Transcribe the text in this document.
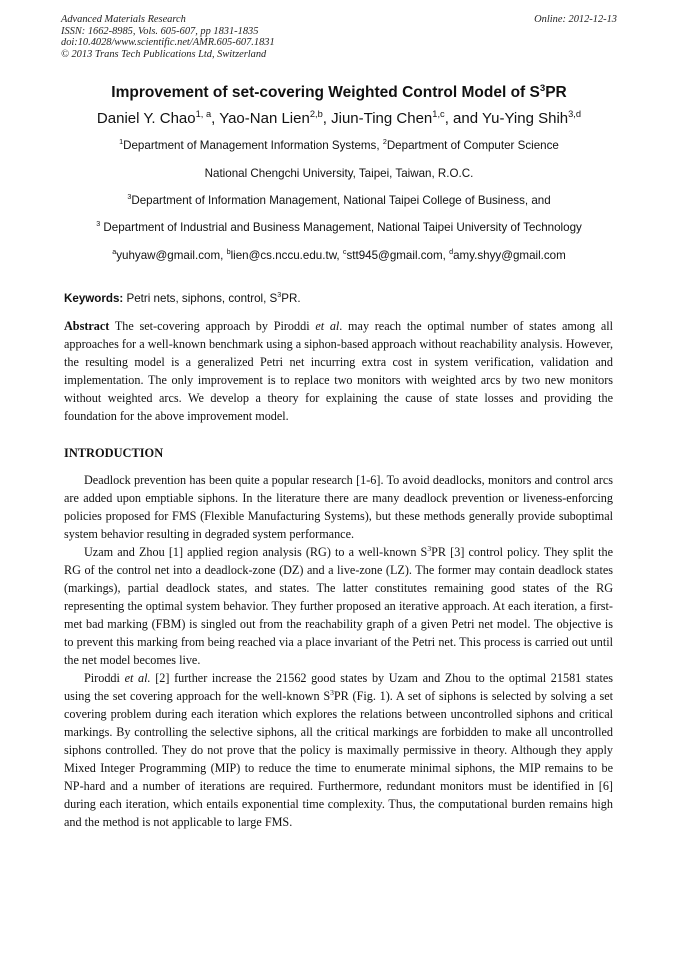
Advanced Materials Research	Online: 2012-12-13
ISSN: 1662-8985, Vols. 605-607, pp 1831-1835
doi:10.4028/www.scientific.net/AMR.605-607.1831
© 2013 Trans Tech Publications Ltd, Switzerland
Improvement of set-covering Weighted Control Model of $S^3PR$
Daniel Y. Chao$^{1, a}$, Yao-Nan Lien$^{2,b}$, Jiun-Ting Chen$^{1,c}$, and Yu-Ying Shih$^{3,d}$
$^1$Department of Management Information Systems, $^2$Department of Computer Science
National Chengchi University, Taipei, Taiwan, R.O.C.
$^3$Department of Information Management, National Taipei College of Business, and
$^3$ Department of Industrial and Business Management, National Taipei University of Technology
$^a$yuhyaw@gmail.com, $^b$lien@cs.nccu.edu.tw, $^c$stt945@gmail.com, $^d$amy.shyy@gmail.com
Keywords: Petri nets, siphons, control, $S^3PR$.
Abstract The set-covering approach by Piroddi et al. may reach the optimal number of states among all approaches for a well-known benchmark using a siphon-based approach without reachability analysis. However, the resulting model is a generalized Petri net incurring extra cost in system verification, validation and implementation. The only improvement is to replace two monitors with weighted arcs by two new monitors without weighted arcs. We develop a theory for explaining the cause of state losses and providing the foundation for the above improvement model.
INTRODUCTION

Deadlock prevention has been quite a popular research [1-6]. To avoid deadlocks, monitors and control arcs are added upon emptiable siphons. In the literature there are many deadlock prevention or liveness-enforcing policies proposed for FMS (Flexible Manufacturing Systems), but these methods generally provide suboptimal system behavior resulting in degraded system performance.

Uzam and Zhou [1] applied region analysis (RG) to a well-known $S^3PR$ [3] control policy. They split the RG of the control net into a deadlock-zone (DZ) and a live-zone (LZ). The former may contain deadlock states (markings), partial deadlock states, and states. The latter constitutes remaining good states of the RG representing the optimal system behavior. They further proposed an iterative approach. At each iteration, a first-met bad marking (FBM) is singled out from the reachability graph of a given Petri net model. The objective is to prevent this marking from being reached via a place invariant of the Petri net. This process is carried out until the net model becomes live.

Piroddi et al. [2] further increase the 21562 good states by Uzam and Zhou to the optimal 21581 states using the set covering approach for the well-known $S^3PR$ (Fig. 1). A set of siphons is selected by solving a set covering problem during each iteration which explores the relations between uncontrolled siphons and critical markings. By controlling the selective siphons, all the critical markings are forbidden to make all uncontrolled siphons controlled. They do not prove that the policy is maximally permissive in theory. Although they apply Mixed Integer Programming (MIP) to reduce the time to enumerate minimal siphons, the MIP remains to be NP-hard and a number of iterations are required. Furthermore, redundant monitors must be identified in [6] during each iteration, which entails exponential time complexity. Thus, the computational burden remains high and the method is not applicable to large FMS.
